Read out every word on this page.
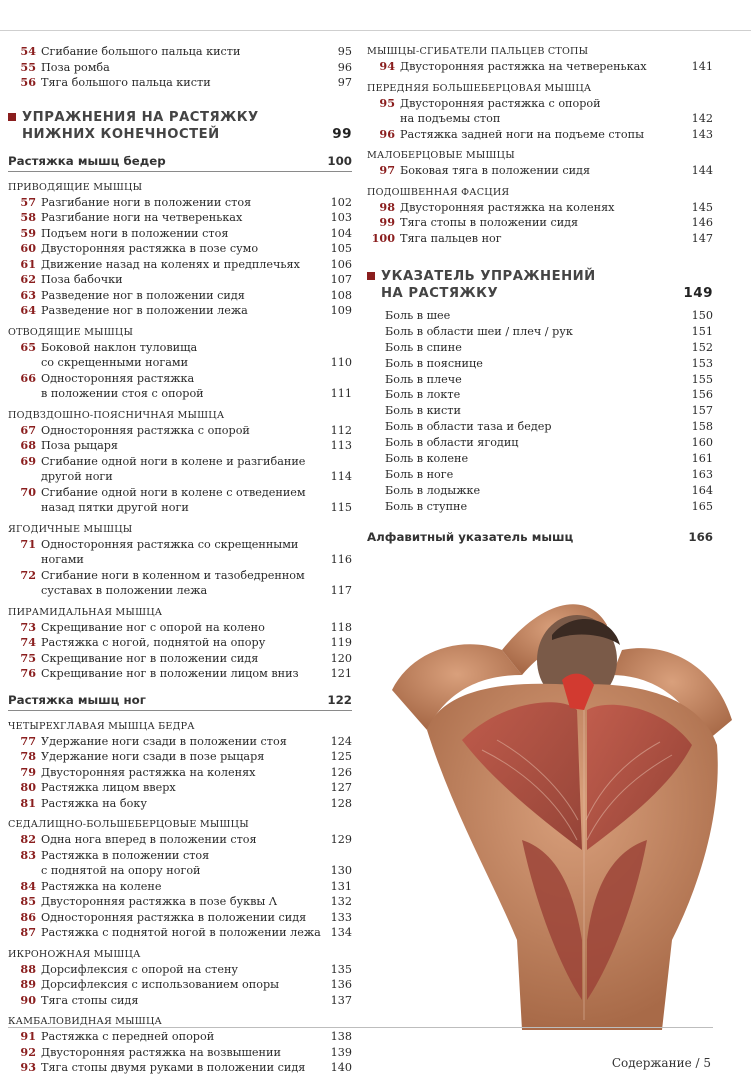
54 Сгибание большого пальца кисти	95
55 Поза ромба	96
56 Тяга большого пальца кисти	97
УПРАЖНЕНИЯ НА РАСТЯЖКУ
НИЖНИХ КОНЕЧНОСТЕЙ	99
Растяжка мышц бедер	100
ПРИВОДЯЩИЕ МЫШЦЫ
57 Разгибание ноги в положении стоя	102
58 Разгибание ноги на четвереньках	103
59 Подъем ноги в положении стоя	104
60 Двусторонняя растяжка в позе сумо	105
61 Движение назад на коленях и предплечьях	106
62 Поза бабочки	107
63 Разведение ног в положении сидя	108
64 Разведение ног в положении лежа	109
ОТВОДЯЩИЕ МЫШЦЫ
65 Боковой наклон туловища
со скрещенными ногами	110
66 Односторонняя растяжка
в положении стоя с опорой	111
ПОДВЗДОШНО-ПОЯСНИЧНАЯ МЫШЦА
67 Односторонняя растяжка с опорой	112
68 Поза рыцаря	113
69 Сгибание одной ноги в колене и разгибание
другой ноги	114
70 Сгибание одной ноги в колене с отведением
назад пятки другой ноги	115
ЯГОДИЧНЫЕ МЫШЦЫ
71 Односторонняя растяжка со скрещенными
ногами	116
72 Сгибание ноги в коленном и тазобедренном
суставах в положении лежа	117
ПИРАМИДАЛЬНАЯ МЫШЦА
73 Скрещивание ног с опорой на колено	118
74 Растяжка с ногой, поднятой на опору	119
75 Скрещивание ног в положении сидя	120
76 Скрещивание ног в положении лицом вниз	121
Растяжка мышц ног	122
ЧЕТЫРЕХГЛАВАЯ МЫШЦА БЕДРА
77 Удержание ноги сзади в положении стоя	124
78 Удержание ноги сзади в позе рыцаря	125
79 Двусторонняя растяжка на коленях	126
80 Растяжка лицом вверх	127
81 Растяжка на боку	128
СЕДАЛИЩНО-БОЛЬШЕБЕРЦОВЫЕ МЫШЦЫ
82 Одна нога вперед в положении стоя	129
83 Растяжка в положении стоя
с поднятой на опору ногой	130
84 Растяжка на колене	131
85 Двусторонняя растяжка в позе буквы Λ	132
86 Односторонняя растяжка в положении сидя	133
87 Растяжка с поднятой ногой в положении лежа 134
ИКРОНОЖНАЯ МЫШЦА
88 Дорсифлексия с опорой на стену	135
89 Дорсифлексия с использованием опоры	136
90 Тяга стопы сидя	137
КАМБАЛОВИДНАЯ МЫШЦА
91 Растяжка с передней опорой	138
92 Двусторонняя растяжка на возвышении	139
93 Тяга стопы двумя руками в положении сидя	140
МЫШЦЫ-СГИБАТЕЛИ ПАЛЬЦЕВ СТОПЫ
94 Двусторонняя растяжка на четвереньках	141
ПЕРЕДНЯЯ БОЛЬШЕБЕРЦОВАЯ МЫШЦА
95 Двусторонняя растяжка с опорой
на подъемы стоп	142
96 Растяжка задней ноги на подъеме стопы	143
МАЛОБЕРЦОВЫЕ МЫШЦЫ
97 Боковая тяга в положении сидя	144
ПОДОШВЕННАЯ ФАСЦИЯ
98 Двусторонняя растяжка на коленях	145
99 Тяга стопы в положении сидя	146
100 Тяга пальцев ног	147
УКАЗАТЕЛЬ УПРАЖНЕНИЙ
НА РАСТЯЖКУ	149
Боль в шее	150
Боль в области шеи / плеч / рук	151
Боль в спине	152
Боль в пояснице	153
Боль в плече	155
Боль в локте	156
Боль в кисти	157
Боль в области таза и бедер	158
Боль в области ягодиц	160
Боль в колене	161
Боль в ноге	163
Боль в лодыжке	164
Боль в ступне	165
Алфавитный указатель мышц	166
Содержание / 5
